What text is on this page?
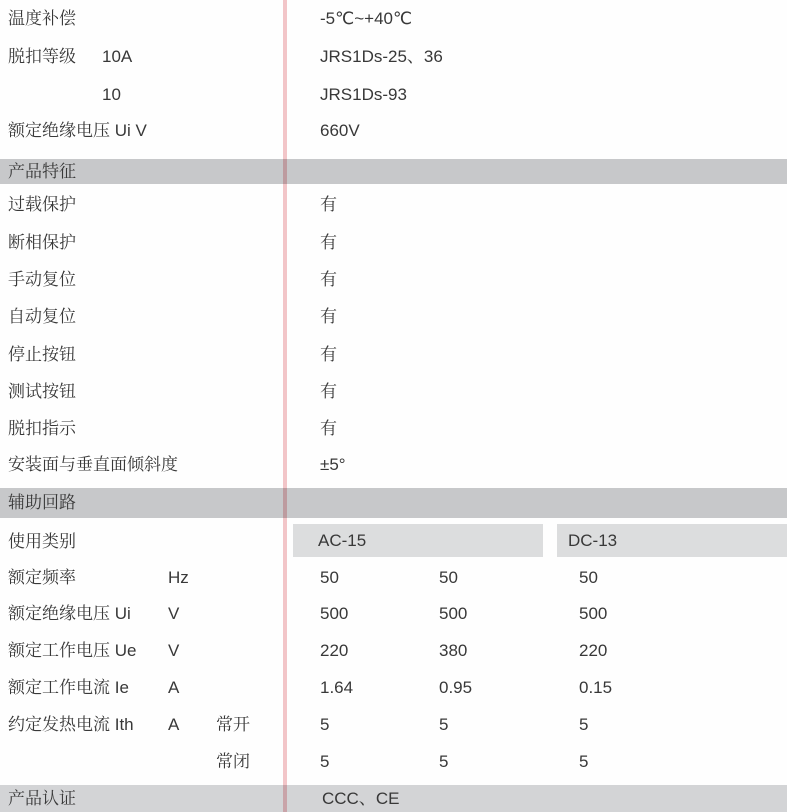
温度补偿	-5℃~+40℃
脱扣等级 10A	JRS1Ds-25、36
10	JRS1Ds-93
额定绝缘电压 Ui V	660V
产品特征
过载保护	有
断相保护	有
手动复位	有
自动复位	有
停止按钮	有
测试按钮	有
脱扣指示	有
安装面与垂直面倾斜度	±5°
辅助回路
使用类别	AC-15	DC-13
额定频率	Hz	50	50	50
额定绝缘电压 Ui V	500	500	500
额定工作电压 Ue V	220	380	220
额定工作电流 Ie A	1.64	0.95	0.15
约定发热电流 Ith A 常开	5	5	5
常闭	5	5	5
产品认证	CCC、CE
